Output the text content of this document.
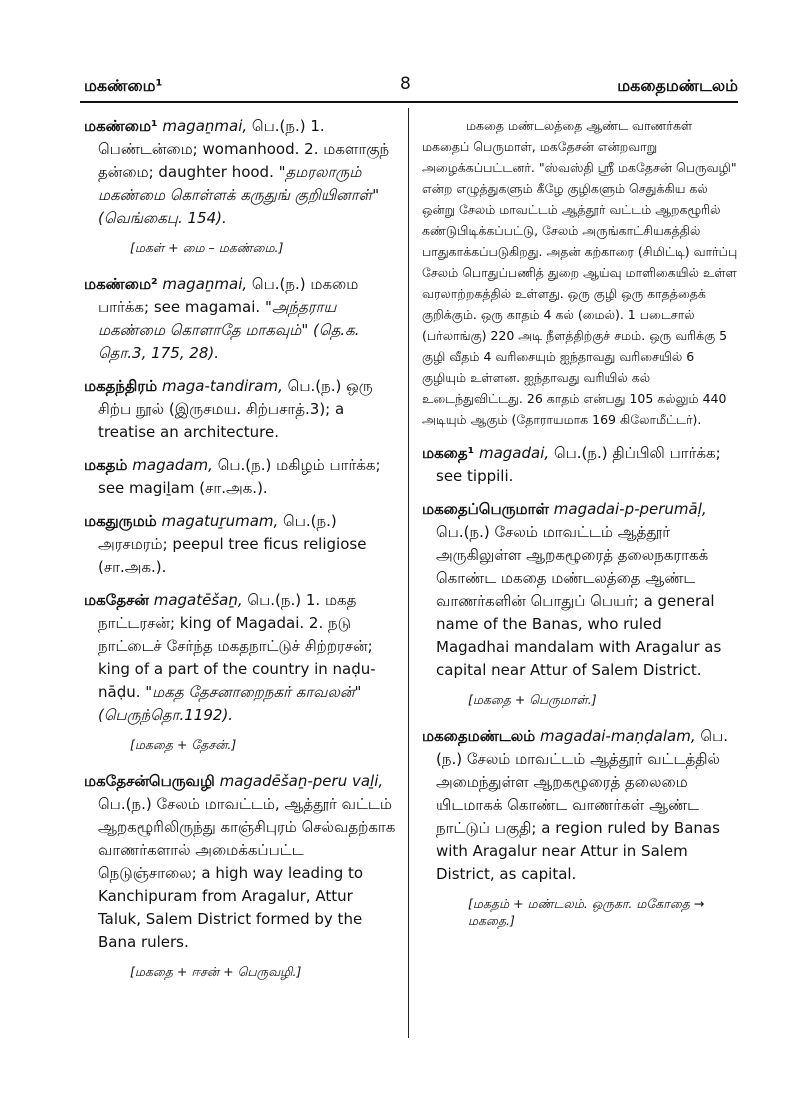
மகண்மை¹	8	மகதைமண்டலம்
மகண்மை¹ magaṉmai, பெ.(ந.) 1. பெண்டன்மை; womanhood. 2. மகளாகுந் தன்மை; daughter hood. "தமரலாரும் மகண்மை கொள்ளக் கருதுங் குறியினாள்" (வெங்கைபு. 154).
[மகள் + மை – மகண்மை.]
மகண்மை² magaṉmai, பெ.(ந.) மகமை பார்க்க; see magamai. "அந்தராய மகண்மை கொளாதே மாகவும்" (தெ.க. தொ.3, 175, 28).
மகதந்திரம் maga-tandiram, பெ.(ந.) ஒரு சிற்ப நூல் (இருசமய. சிற்பசாத்.3); a treatise an architecture.
மகதம் magadam, பெ.(ந.) மகிழம் பார்க்க; see magiḻam (சா.அக.).
மகதுருமம் magatuṟumam, பெ.(ந.) அரசமரம்; peepul tree ficus religiose (சா.அக.).
மகதேசன் magatēšaṉ, பெ.(ந.) 1. மகத நாட்டரசன்; king of Magadai. 2. நடு நாட்டைச் சேர்ந்த மகதநாட்டுச் சிற்றரசன்; king of a part of the country in naḍu-nāḍu. "மகத தேசனாறைநகர் காவலன்" (பெருந்தொ.1192).
[மகதை + தேசன்.]
மகதேசன்பெருவழி magadēšaṉ-peru vaḻi, பெ.(ந.) சேலம் மாவட்டம், ஆத்தூர் வட்டம் ஆறகழூரிலிருந்து காஞ்சிபுரம் செல்வதற்காக வாணர்களால் அமைக்கப்பட்ட நெடுஞ்சாலை; a high way leading to Kanchipuram from Aragalur, Attur Taluk, Salem District formed by the Bana rulers.
[மகதை + ஈசன் + பெருவழி.]
மகதை மண்டலத்தை ஆண்ட வாணர்கள் மகதைப் பெருமாள், மகதேசன் என்றவாறு அழைக்கப்பட்டனர். "ஸ்வஸ்தி ஸ்ரீ மகதேசன் பெருவழி" என்ற எழுத்துகளும் கீழே குழிகளும் செதுக்கிய கல் ஒன்று சேலம் மாவட்டம் ஆத்தூர் வட்டம் ஆறகழூரில் கண்டுபிடிக்கப்பட்டு, சேலம் அருங்காட்சியகத்தில் பாதுகாக்கப்படுகிறது. அதன் கற்காரை (சிமிட்டி) வார்ப்பு சேலம் பொதுப்பணித் துறை ஆய்வு மாளிகையில் உள்ள வரலாற்றகத்தில் உள்ளது. ஒரு குழி ஒரு காதத்தைக் குறிக்கும். ஒரு காதம் 4 கல் (மைல்). 1 படைசால் (பர்லாங்கு) 220 அடி நீளத்திற்குச் சமம். ஒரு வரிக்கு 5 குழி வீதம் 4 வரிசையும் ஐந்தாவது வரிசையில் 6 குழியும் உள்ளன. ஐந்தாவது வரியில் கல் உடைந்துவிட்டது. 26 காதம் என்பது 105 கல்லும் 440 அடியும் ஆகும் (தோராயமாக 169 கிலோமீட்டர்).
மகதை¹ magadai, பெ.(ந.) திப்பிலி பார்க்க; see tippili.
மகதைப்பெருமாள் magadai-p-perumāḷ, பெ.(ந.) சேலம் மாவட்டம் ஆத்தூர் அருகிலுள்ள ஆறகழூரைத் தலைநகராகக் கொண்ட மகதை மண்டலத்தை ஆண்ட வாணர்களின் பொதுப் பெயர்; a general name of the Banas, who ruled Magadhai mandalam with Aragalur as capital near Attur of Salem District.
[மகதை + பெருமாள்.]
மகதைமண்டலம் magadai-maṇḍalam, பெ.(ந.) சேலம் மாவட்டம் ஆத்தூர் வட்டத்தில் அமைந்துள்ள ஆறகழூரைத் தலைமை யிடமாகக் கொண்ட வாணர்கள் ஆண்ட நாட்டுப் பகுதி; a region ruled by Banas with Aragalur near Attur in Salem District, as capital.
[மகதம் + மண்டலம். ஒருகா. மகோதை → மகதை.]
